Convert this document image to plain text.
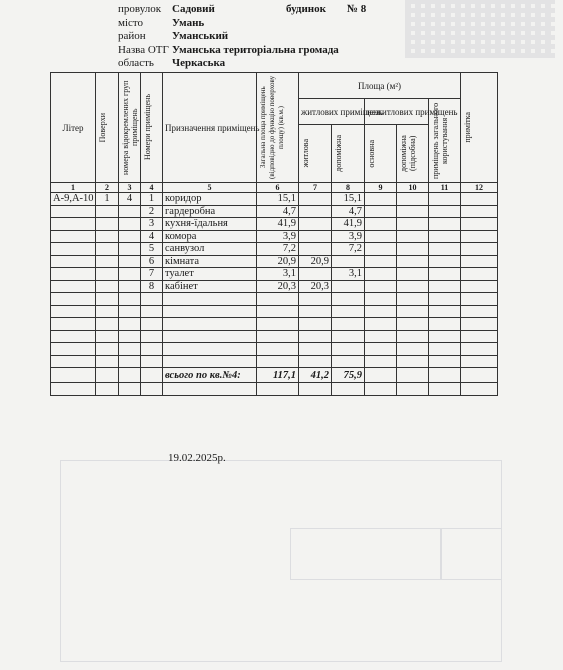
провулок Садовий	будинок № 8
місто	Умань
район	Уманський
Назва ОТГ Уманська територіальна громада
область	Черкаська
Літер	Поверхи	номера відокремлених груп приміщень	Номери приміщень	Призначення приміщень	Загальна площа приміщень (відповідно до функцію поверхову площу) (кв.м.)	Площа (м²)					примітка

						житлових приміщень		нежитлових приміщень		приміщень загального користування	

						житлова	допоміжна	основна	допоміжна (підсобна)		

1	2	3	4	5	6	7	8	9	10	11	12
А-9,А-10	1	4	1	коридор	15,1		15,1				
			2	гардеробна	4,7		4,7				
			3	кухня-їдальня	41,9		41,9				
			4	комора	3,9		3,9				
			5	санвузол	7,2		7,2				
			6	кімната	20,9	20,9					
			7	туалет	3,1		3,1				
			8	кабінет	20,3	20,3					

				всього по кв.№4:	117,1	41,2	75,9				

19.02.2025р.
